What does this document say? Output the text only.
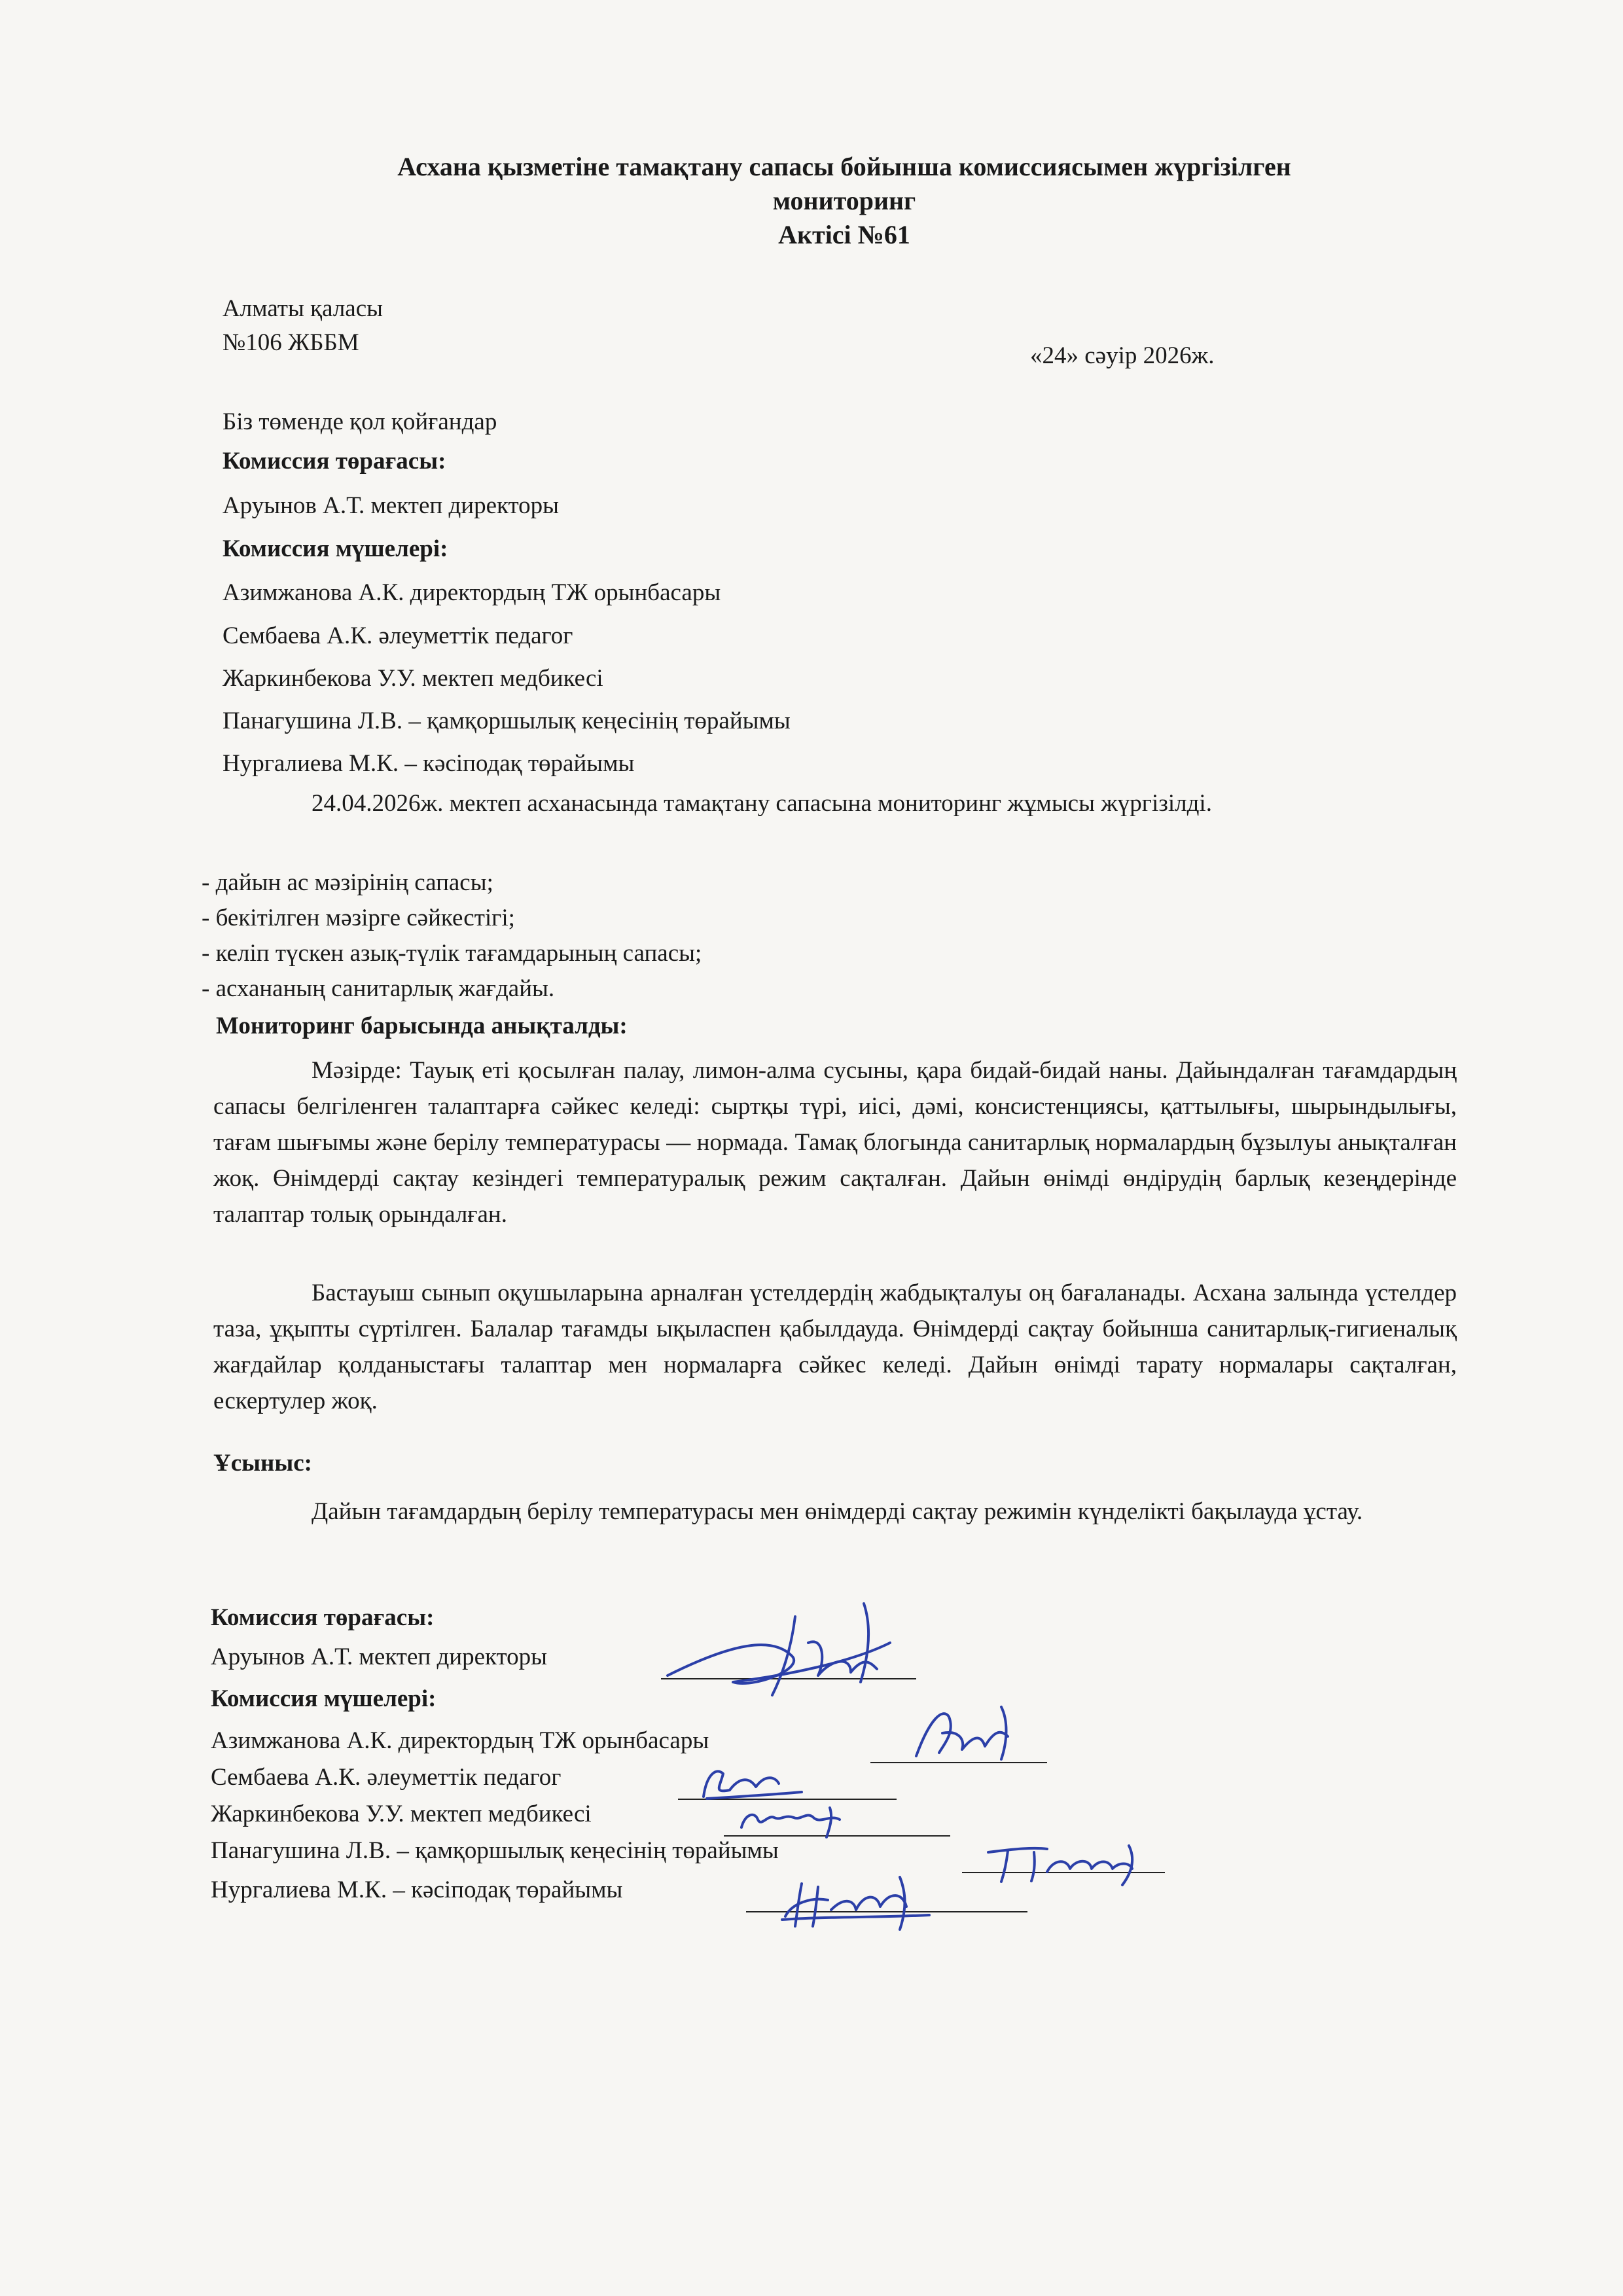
Асхана қызметіне тамақтану сапасы бойынша комиссиясымен жүргізілген
мониторинг
Актісі №61
Алматы қаласы
№106 ЖББМ	«24» сәуір 2026ж.
Біз төменде қол қойғандар
Комиссия төрағасы:
Аруынов А.Т. мектеп директоры
Комиссия мүшелері:
Азимжанова А.К. директордың ТЖ орынбасары
Сембаева А.К. әлеуметтік педагог
Жаркинбекова У.У. мектеп медбикесі
Панагушина Л.В. – қамқоршылық кеңесінің төрайымы
Нургалиева М.К. – кәсіподақ төрайымы
24.04.2026ж. мектеп асханасында тамақтану сапасына мониторинг жұмысы жүргізілді.
- дайын ас мәзірінің сапасы;
- бекітілген мәзірге сәйкестігі;
- келіп түскен азық-түлік тағамдарының сапасы;
- асхананың санитарлық жағдайы.
Мониторинг барысында анықталды:
Мәзірде: Тауық еті қосылған палау, лимон-алма сусыны, қара бидай-бидай наны. Дайындалған тағамдардың сапасы белгіленген талаптарға сәйкес келеді: сыртқы түрі, иісі, дәмі, консистенциясы, қаттылығы, шырындылығы, тағам шығымы және берілу температурасы — нормада. Тамақ блогында санитарлық нормалардың бұзылуы анықталған жоқ. Өнімдерді сақтау кезіндегі температуралық режим сақталған. Дайын өнімді өндірудің барлық кезеңдерінде талаптар толық орындалған.
Бастауыш сынып оқушыларына арналған үстелдердің жабдықталуы оң бағаланады. Асхана залында үстелдер таза, ұқыпты сүртілген. Балалар тағамды ықыласпен қабылдауда. Өнімдерді сақтау бойынша санитарлық-гигиеналық жағдайлар қолданыстағы талаптар мен нормаларға сәйкес келеді. Дайын өнімді тарату нормалары сақталған, ескертулер жоқ.
Ұсыныс:
Дайын тағамдардың берілу температурасы мен өнімдерді сақтау режимін күнделікті бақылауда ұстау.
Комиссия төрағасы:
Аруынов А.Т. мектеп директоры
Комиссия мүшелері:
Азимжанова А.К. директордың ТЖ орынбасары
Сембаева А.К. әлеуметтік педагог
Жаркинбекова У.У. мектеп медбикесі
Панагушина Л.В. – қамқоршылық кеңесінің төрайымы
Нургалиева М.К. – кәсіподақ төрайымы
